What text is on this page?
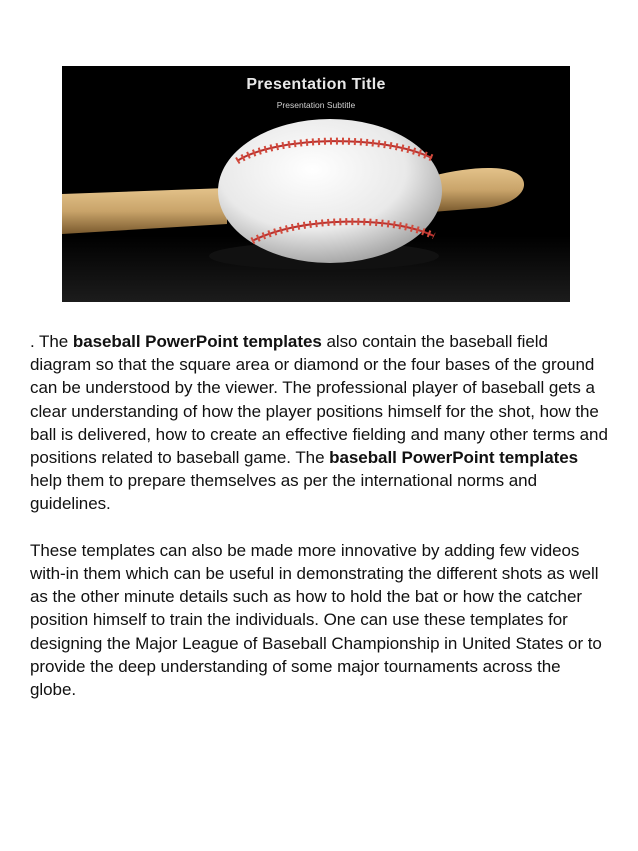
Presentation Title
Presentation Subtitle

. The baseball PowerPoint templates also contain the baseball field diagram so that the square area or diamond or the four bases of the ground can be understood by the viewer. The professional player of baseball gets a clear understanding of how the player positions himself for the shot, how the ball is delivered, how to create an effective fielding and many other terms and positions related to baseball game. The baseball PowerPoint templates help them to prepare themselves as per the international norms and guidelines.

These templates can also be made more innovative by adding few videos with-in them which can be useful in demonstrating the different shots as well as the other minute details such as how to hold the bat or how the catcher position himself to train the individuals. One can use these templates for designing the Major League of Baseball Championship in United States or to provide the deep understanding of some major tournaments across the globe.
